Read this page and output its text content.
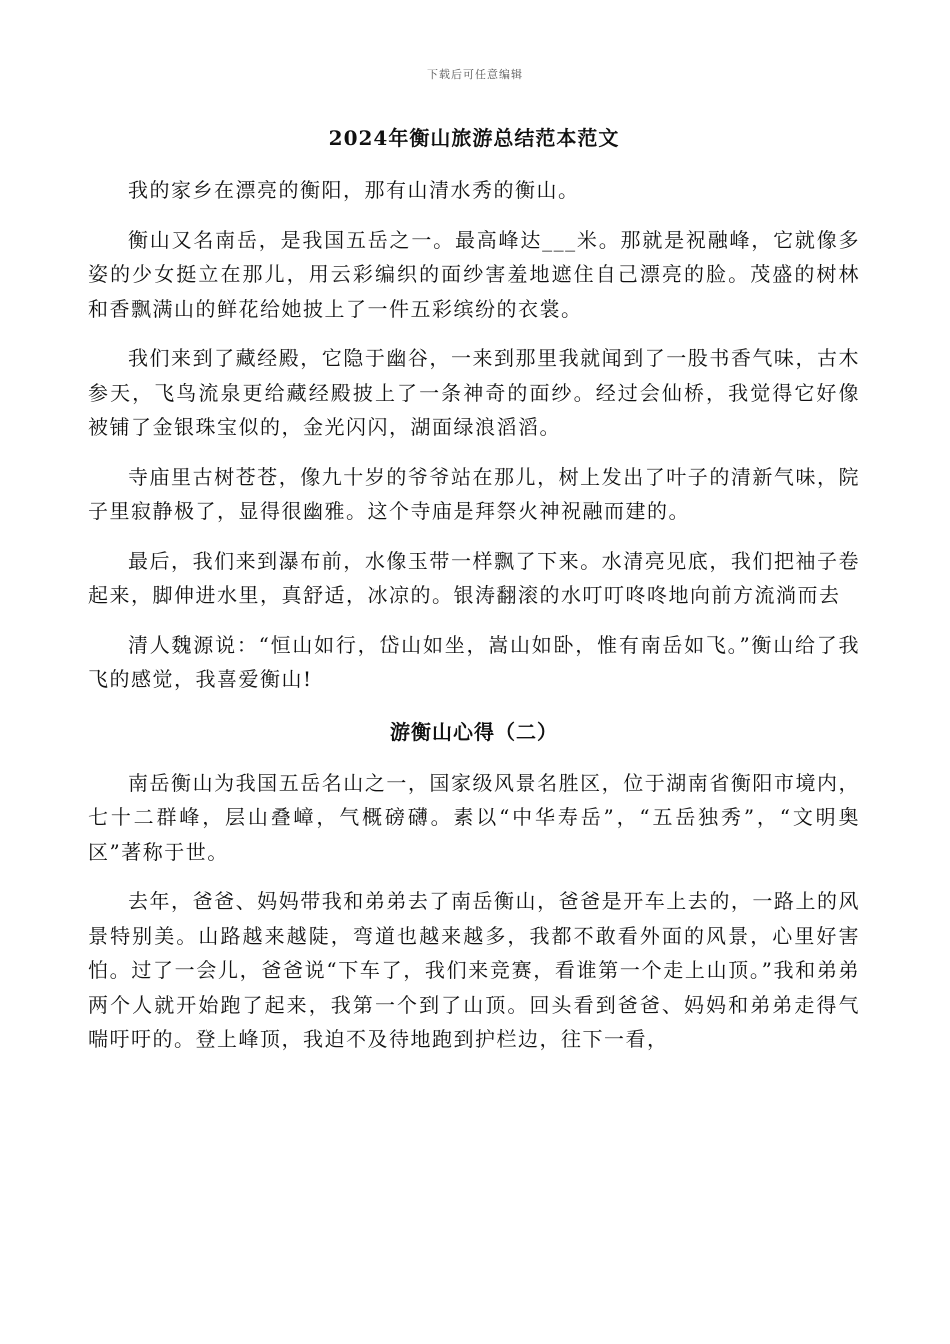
下载后可任意编辑
2024年衡山旅游总结范本范文

我的家乡在漂亮的衡阳，那有山清水秀的衡山。

衡山又名南岳，是我国五岳之一。最高峰达___米。那就是祝融峰，它就像多姿的少女挺立在那儿，用云彩编织的面纱害羞地遮住自己漂亮的脸。茂盛的树林和香飘满山的鲜花给她披上了一件五彩缤纷的衣裳。

我们来到了藏经殿，它隐于幽谷，一来到那里我就闻到了一股书香气味，古木参天，飞鸟流泉更给藏经殿披上了一条神奇的面纱。经过会仙桥，我觉得它好像被铺了金银珠宝似的，金光闪闪，湖面绿浪滔滔。

寺庙里古树苍苍，像九十岁的爷爷站在那儿，树上发出了叶子的清新气味，院子里寂静极了，显得很幽雅。这个寺庙是拜祭火神祝融而建的。

最后，我们来到瀑布前，水像玉带一样飘了下来。水清亮见底，我们把袖子卷起来，脚伸进水里，真舒适，冰凉的。银涛翻滚的水叮叮咚咚地向前方流淌而去

清人魏源说：“恒山如行，岱山如坐，嵩山如卧，惟有南岳如飞。”衡山给了我飞的感觉，我喜爱衡山!

游衡山心得（二）

南岳衡山为我国五岳名山之一，国家级风景名胜区，位于湖南省衡阳市境内，七十二群峰，层山叠嶂，气概磅礴。素以“中华寿岳”，“五岳独秀”，“文明奥区”著称于世。

去年，爸爸、妈妈带我和弟弟去了南岳衡山，爸爸是开车上去的，一路上的风景特别美。山路越来越陡，弯道也越来越多，我都不敢看外面的风景，心里好害怕。过了一会儿，爸爸说“下车了，我们来竞赛，看谁第一个走上山顶。”我和弟弟两个人就开始跑了起来，我第一个到了山顶。回头看到爸爸、妈妈和弟弟走得气喘吁吁的。登上峰顶，我迫不及待地跑到护栏边，往下一看，
